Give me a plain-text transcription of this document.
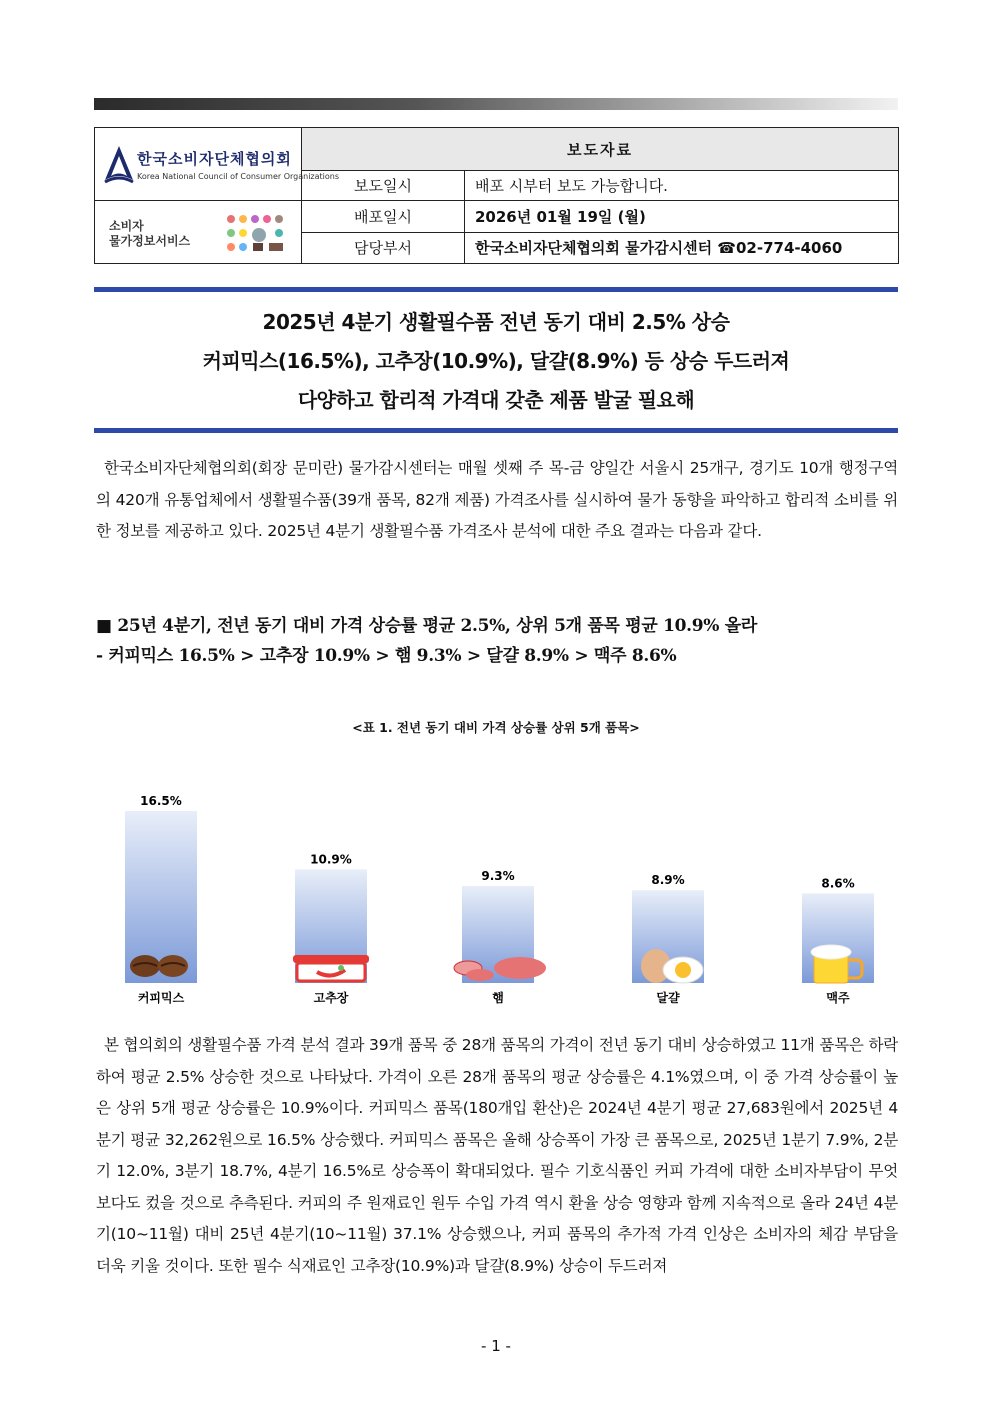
한국소비자단체협의회
Korea National Council of Consumer Organizations	보도자료	
	보도일시	배포 시부터 보도 가능합니다.

소비자
물가정보서비스	배포일시	2026년 01월 19일 (월)
	담당부서	한국소비자단체협의회 물가감시센터 ☎02-774-4060
2025년 4분기 생활필수품 전년 동기 대비 2.5% 상승
커피믹스(16.5%), 고추장(10.9%), 달걀(8.9%) 등 상승 두드러져
다양하고 합리적 가격대 갖춘 제품 발굴 필요해
한국소비자단체협의회(회장 문미란) 물가감시센터는 매월 셋째 주 목-금 양일간 서울시 25개구, 경기도 10개 행정구역의 420개 유통업체에서 생활필수품(39개 품목, 82개 제품) 가격조사를 실시하여 물가 동향을 파악하고 합리적 소비를 위한 정보를 제공하고 있다. 2025년 4분기 생활필수품 가격조사 분석에 대한 주요 결과는 다음과 같다.
■ 25년 4분기, 전년 동기 대비 가격 상승률 평균 2.5%, 상위 5개 품목 평균 10.9% 올라
- 커피믹스 16.5% > 고추장 10.9% > 햄 9.3% > 달걀 8.9% > 맥주 8.6%
<표 1. 전년 동기 대비 가격 상승률 상위 5개 품목>
16.5%
커피믹스
10.9%
고추장
9.3%
햄
8.9%
달걀
8.6%
맥주
본 협의회의 생활필수품 가격 분석 결과 39개 품목 중 28개 품목의 가격이 전년 동기 대비 상승하였고 11개 품목은 하락하여 평균 2.5% 상승한 것으로 나타났다. 가격이 오른 28개 품목의 평균 상승률은 4.1%였으며, 이 중 가격 상승률이 높은 상위 5개 평균 상승률은 10.9%이다. 커피믹스 품목(180개입 환산)은 2024년 4분기 평균 27,683원에서 2025년 4분기 평균 32,262원으로 16.5% 상승했다. 커피믹스 품목은 올해 상승폭이 가장 큰 품목으로, 2025년 1분기 7.9%, 2분기 12.0%, 3분기 18.7%, 4분기 16.5%로 상승폭이 확대되었다. 필수 기호식품인 커피 가격에 대한 소비자부담이 무엇보다도 컸을 것으로 추측된다. 커피의 주 원재료인 원두 수입 가격 역시 환율 상승 영향과 함께 지속적으로 올라 24년 4분기(10~11월) 대비 25년 4분기(10~11월) 37.1% 상승했으나, 커피 품목의 추가적 가격 인상은 소비자의 체감 부담을 더욱 키울 것이다. 또한 필수 식재료인 고추장(10.9%)과 달걀(8.9%) 상승이 두드러져
- 1 -
